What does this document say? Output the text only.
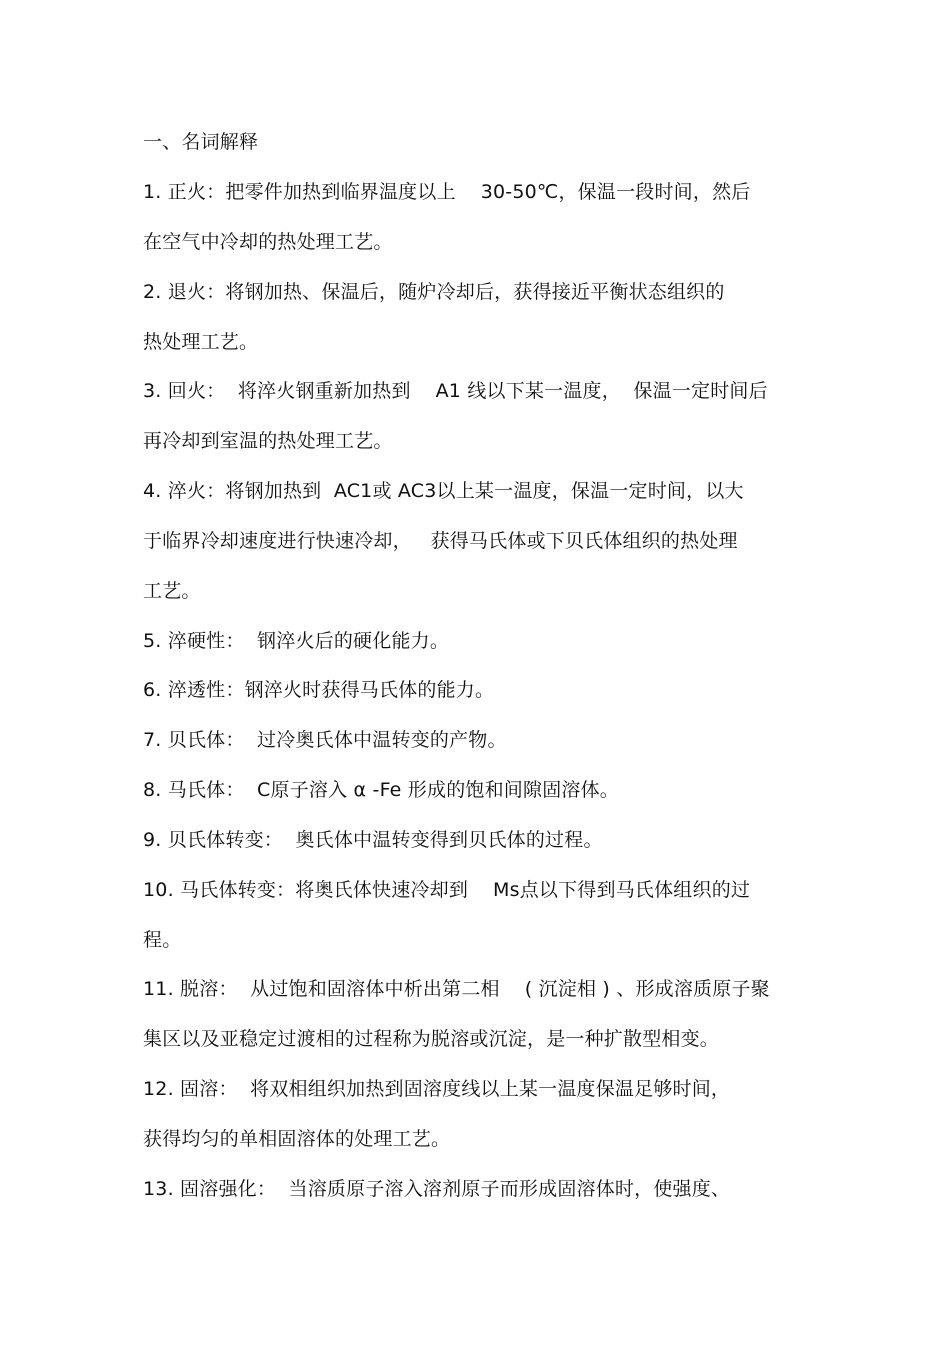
一、名词解释
1. 正火：把零件加热到临界温度以上    30-50℃，保温一段时间，然后
在空气中冷却的热处理工艺。
2. 退火：将钢加热、保温后，随炉冷却后，获得接近平衡状态组织的
热处理工艺。
3. 回火：  将淬火钢重新加热到    A1 线以下某一温度，  保温一定时间后
再冷却到室温的热处理工艺。
4. 淬火：将钢加热到  AC1或 AC3以上某一温度，保温一定时间，以大
于临界冷却速度进行快速冷却，   获得马氏体或下贝氏体组织的热处理
工艺。
5. 淬硬性：  钢淬火后的硬化能力。
6. 淬透性：钢淬火时获得马氏体的能力。
7. 贝氏体：  过冷奥氏体中温转变的产物。
8. 马氏体：  C原子溶入 α -Fe 形成的饱和间隙固溶体。
9. 贝氏体转变：  奥氏体中温转变得到贝氏体的过程。
10. 马氏体转变：将奥氏体快速冷却到    Ms点以下得到马氏体组织的过
程。
11. 脱溶：  从过饱和固溶体中析出第二相    ( 沉淀相 ) 、形成溶质原子聚
集区以及亚稳定过渡相的过程称为脱溶或沉淀，是一种扩散型相变。
12. 固溶：  将双相组织加热到固溶度线以上某一温度保温足够时间，
获得均匀的单相固溶体的处理工艺。
13. 固溶强化：  当溶质原子溶入溶剂原子而形成固溶体时，使强度、
